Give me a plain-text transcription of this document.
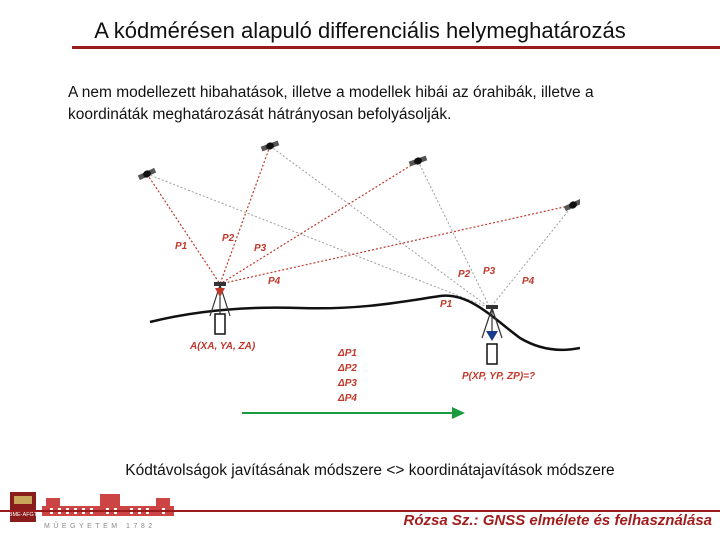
A kódmérésen alapuló differenciális helymeghatározás
A nem modellezett hibahatások, illetve a modellek hibái az órahibák, illetve a koordináták meghatározását hátrányosan befolyásolják.
P1
P2
P3
P4
P2 P3
P4
P1
A(XA, YA, ZA)
P(XP, YP, ZP)=?
ΔP1
ΔP2
ΔP3
ΔP4
Kódtávolságok javításának módszere <> koordinátajavítások módszere
BME·ÁFGT
MŰEGYETEM 1782	Rózsa Sz.: GNSS elmélete és felhasználása
